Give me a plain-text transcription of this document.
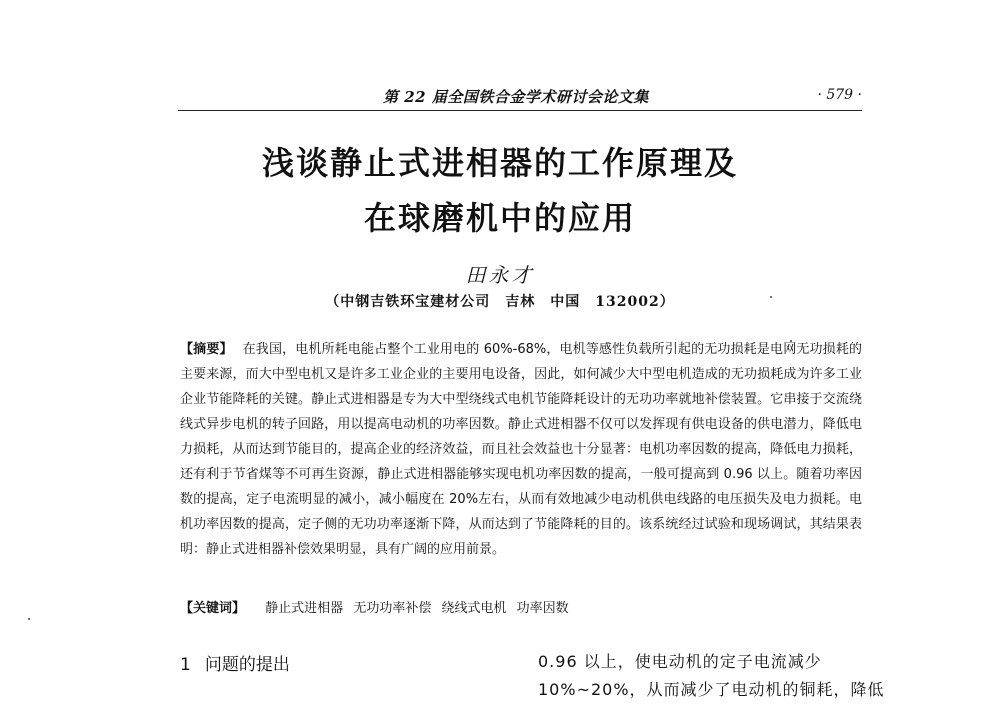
第 22 届全国铁合金学术研讨会论文集	· 579 ·
浅谈静止式进相器的工作原理及
在球磨机中的应用
田永才
（中钢吉铁环宝建材公司　吉林　中国　132002）
【摘要】 在我国，电机所耗电能占整个工业用电的 60%-68%，电机等感性负载所引起的无功损耗是电网无功损耗的主要来源，而大中型电机又是许多工业企业的主要用电设备，因此，如何减少大中型电机造成的无功损耗成为许多工业企业节能降耗的关键。静止式进相器是专为大中型绕线式电机节能降耗设计的无功功率就地补偿装置。它串接于交流绕线式异步电机的转子回路，用以提高电动机的功率因数。静止式进相器不仅可以发挥现有供电设备的供电潜力，降低电力损耗，从而达到节能目的，提高企业的经济效益，而且社会效益也十分显著：电机功率因数的提高，降低电力损耗，还有利于节省煤等不可再生资源，静止式进相器能够实现电机功率因数的提高，一般可提高到 0.96 以上。随着功率因数的提高，定子电流明显的减小，减小幅度在 20%左右，从而有效地减少电动机供电线路的电压损失及电力损耗。电机功率因数的提高，定子侧的无功功率逐渐下降，从而达到了节能降耗的目的。该系统经过试验和现场调试，其结果表明：静止式进相器补偿效果明显，具有广阔的应用前景。
【关键词】 静止式进相器 无功功率补偿 绕线式电机 功率因数
1 问题的提出	0.96 以上，使电动机的定子电流减少

10%~20%，从而减少了电动机的铜耗，降低
